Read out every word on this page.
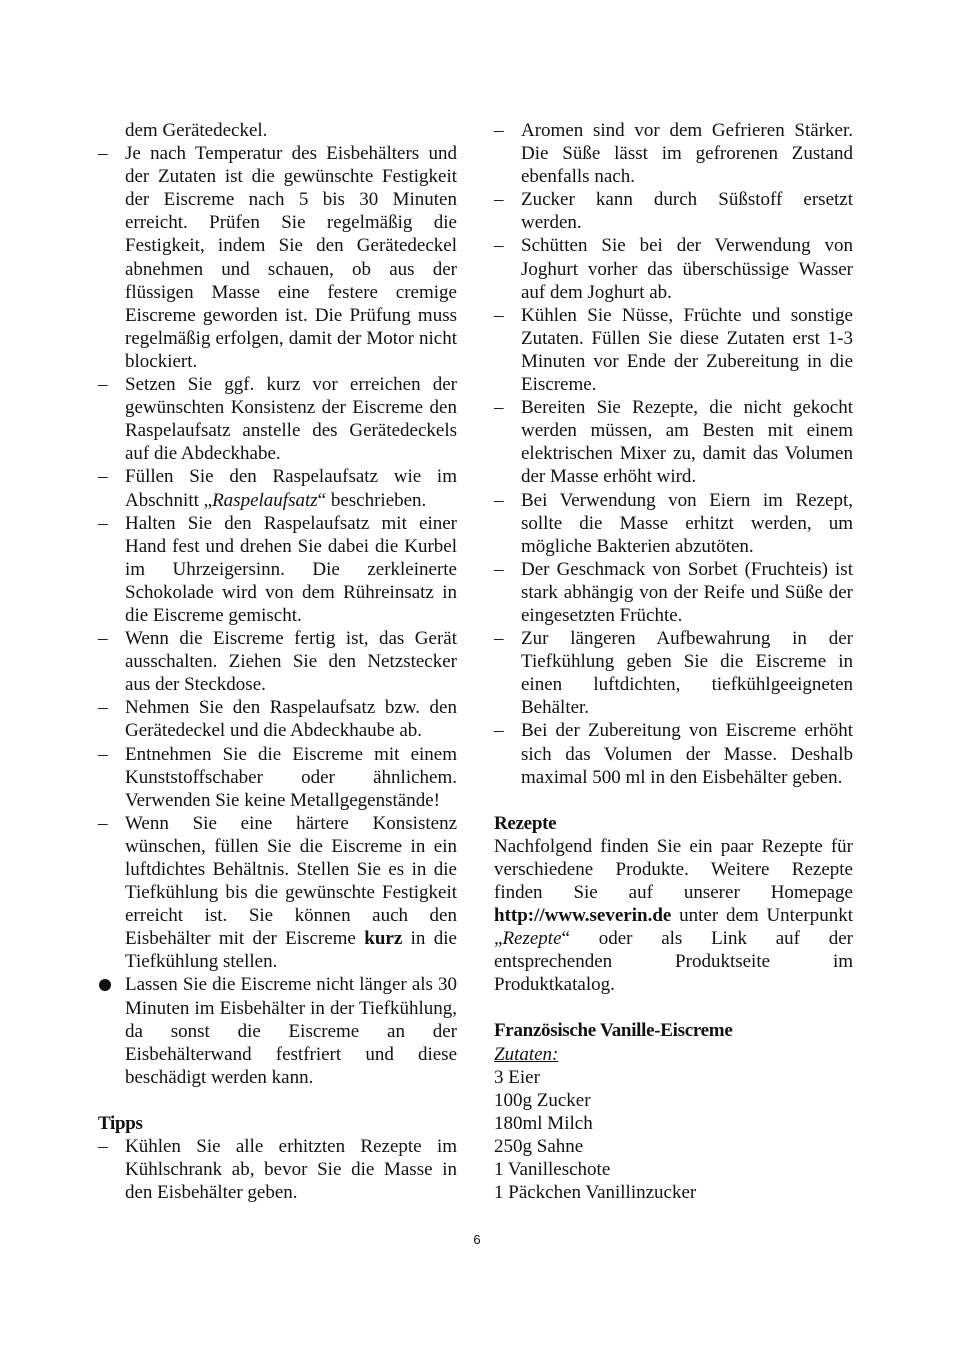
dem Gerätedeckel.
– Je nach Temperatur des Eisbehälters und der Zutaten ist die gewünschte Festigkeit der Eiscreme nach 5 bis 30 Minuten erreicht. Prüfen Sie regelmäßig die Festigkeit, indem Sie den Gerätedeckel abnehmen und schauen, ob aus der flüssigen Masse eine festere cremige Eiscreme geworden ist. Die Prüfung muss regelmäßig erfolgen, damit der Motor nicht blockiert.
– Setzen Sie ggf. kurz vor erreichen der gewünschten Konsistenz der Eiscreme den Raspelaufsatz anstelle des Gerätedeckels auf die Abdeckhabe.
– Füllen Sie den Raspelaufsatz wie im Abschnitt „Raspelaufsatz“ beschrieben.
– Halten Sie den Raspelaufsatz mit einer Hand fest und drehen Sie dabei die Kurbel im Uhrzeigersinn. Die zerkleinerte Schokolade wird von dem Rühreinsatz in die Eiscreme gemischt.
– Wenn die Eiscreme fertig ist, das Gerät ausschalten. Ziehen Sie den Netzstecker aus der Steckdose.
– Nehmen Sie den Raspelaufsatz bzw. den Gerätedeckel und die Abdeckhaube ab.
– Entnehmen Sie die Eiscreme mit einem Kunststoffschaber oder ähnlichem. Verwenden Sie keine Metallgegenstände!
– Wenn Sie eine härtere Konsistenz wünschen, füllen Sie die Eiscreme in ein luftdichtes Behältnis. Stellen Sie es in die Tiefkühlung bis die gewünschte Festigkeit erreicht ist. Sie können auch den Eisbehälter mit der Eiscreme kurz in die Tiefkühlung stellen.
Lassen Sie die Eiscreme nicht länger als 30 Minuten im Eisbehälter in der Tiefkühlung, da sonst die Eiscreme an der Eisbehälterwand festfriert und diese beschädigt werden kann.
Tipps
– Kühlen Sie alle erhitzten Rezepte im Kühlschrank ab, bevor Sie die Masse in den Eisbehälter geben.
– Aromen sind vor dem Gefrieren Stärker. Die Süße lässt im gefrorenen Zustand ebenfalls nach.
– Zucker kann durch Süßstoff ersetzt werden.
– Schütten Sie bei der Verwendung von Joghurt vorher das überschüssige Wasser auf dem Joghurt ab.
– Kühlen Sie Nüsse, Früchte und sonstige Zutaten. Füllen Sie diese Zutaten erst 1-3 Minuten vor Ende der Zubereitung in die Eiscreme.
– Bereiten Sie Rezepte, die nicht gekocht werden müssen, am Besten mit einem elektrischen Mixer zu, damit das Volumen der Masse erhöht wird.
– Bei Verwendung von Eiern im Rezept, sollte die Masse erhitzt werden, um mögliche Bakterien abzutöten.
– Der Geschmack von Sorbet (Fruchteis) ist stark abhängig von der Reife und Süße der eingesetzten Früchte.
– Zur längeren Aufbewahrung in der Tiefkühlung geben Sie die Eiscreme in einen luftdichten, tiefkühlgeeigneten Behälter.
– Bei der Zubereitung von Eiscreme erhöht sich das Volumen der Masse. Deshalb maximal 500 ml in den Eisbehälter geben.
Rezepte
Nachfolgend finden Sie ein paar Rezepte für verschiedene Produkte. Weitere Rezepte finden Sie auf unserer Homepage http://www.severin.de unter dem Unterpunkt „Rezepte“ oder als Link auf der entsprechenden Produktseite im Produktkatalog.
Französische Vanille-Eiscreme
Zutaten:
3 Eier
100g Zucker
180ml Milch
250g Sahne
1 Vanilleschote
1 Päckchen Vanillinzucker
6
